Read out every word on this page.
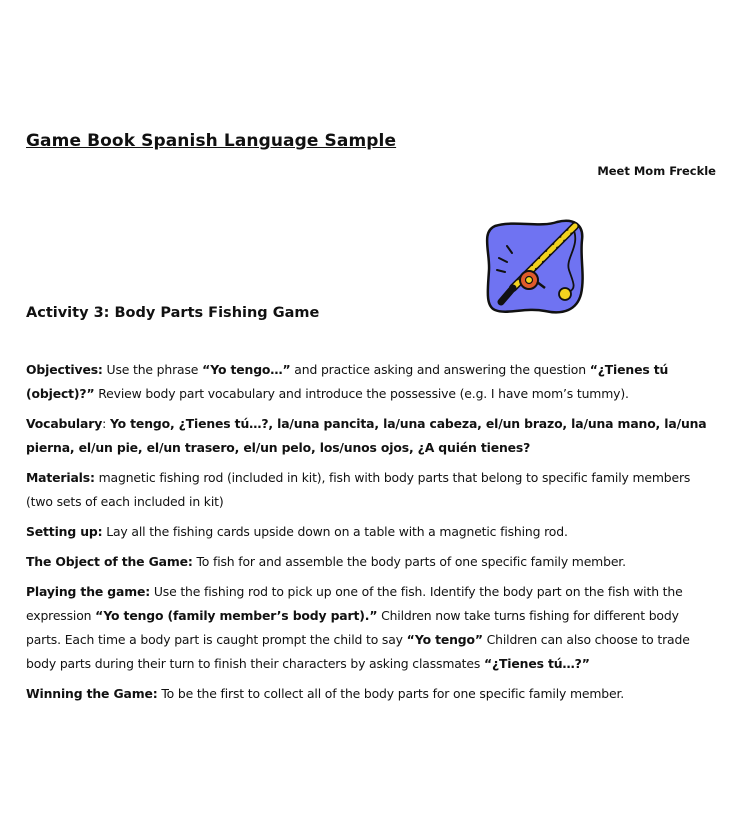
Game Book Spanish Language Sample

Meet Mom Freckle

Activity 3: Body Parts Fishing Game

Objectives: Use the phrase “Yo tengo…” and practice asking and answering the question “¿Tienes tú (object)?” Review body part vocabulary and introduce the possessive (e.g. I have mom’s tummy).

Vocabulary: Yo tengo, ¿Tienes tú…?, la/una pancita, la/una cabeza, el/un brazo, la/una mano, la/una pierna, el/un pie, el/un trasero, el/un pelo, los/unos ojos, ¿A quién tienes?

Materials: magnetic fishing rod (included in kit), fish with body parts that belong to specific family members (two sets of each included in kit)

Setting up: Lay all the fishing cards upside down on a table with a magnetic fishing rod.

The Object of the Game: To fish for and assemble the body parts of one specific family member.

Playing the game: Use the fishing rod to pick up one of the fish. Identify the body part on the fish with the expression “Yo tengo (family member’s body part).” Children now take turns fishing for different body parts. Each time a body part is caught prompt the child to say “Yo tengo” Children can also choose to trade body parts during their turn to finish their characters by asking classmates “¿Tienes tú…?”

Winning the Game: To be the first to collect all of the body parts for one specific family member.
